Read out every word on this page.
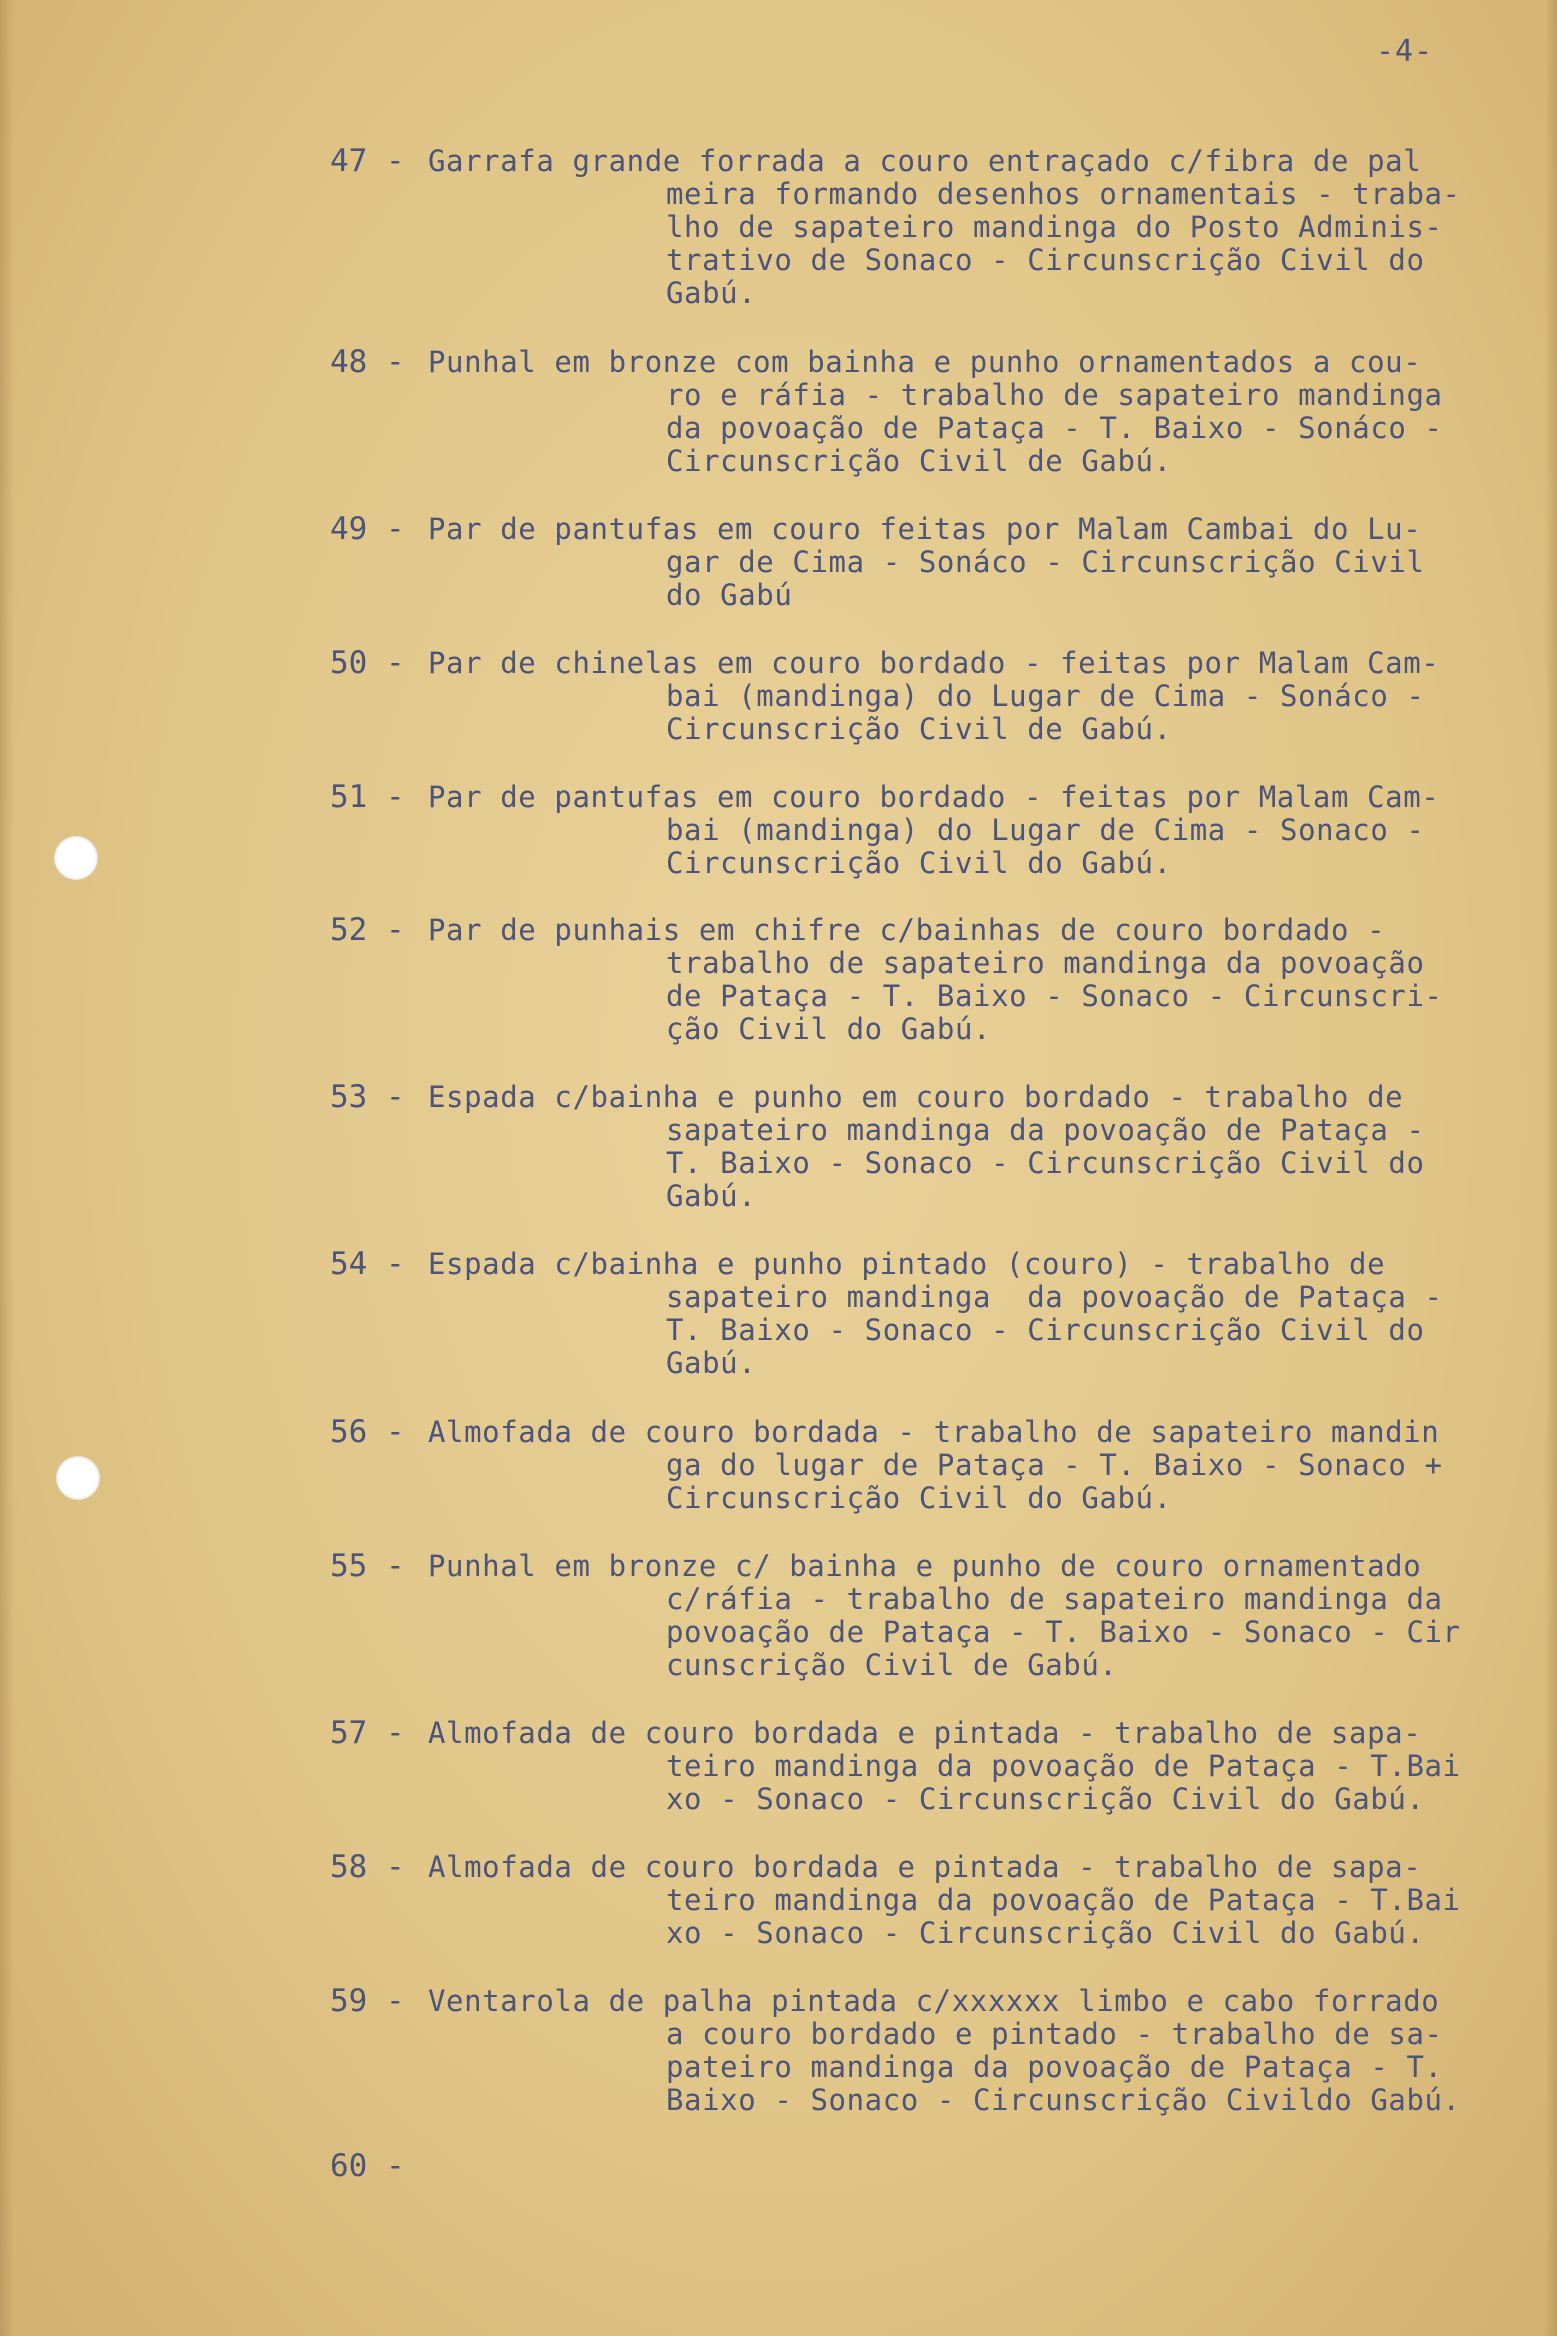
-4-
47 - Garrafa grande forrada a couro entraçado c/fibra de pal
meira formando desenhos ornamentais - traba-
lho de sapateiro mandinga do Posto Adminis-
trativo de Sonaco - Circunscrição Civil do
Gabú.
48 - Punhal em bronze com bainha e punho ornamentados a cou-
ro e ráfia - trabalho de sapateiro mandinga
da povoação de Pataça - T. Baixo - Sonáco -
Circunscrição Civil de Gabú.
49 - Par de pantufas em couro feitas por Malam Cambai do Lu-
gar de Cima - Sonáco - Circunscrição Civil
do Gabú
50 - Par de chinelas em couro bordado - feitas por Malam Cam-
bai (mandinga) do Lugar de Cima - Sonáco -
Circunscrição Civil de Gabú.
51 - Par de pantufas em couro bordado - feitas por Malam Cam-
bai (mandinga) do Lugar de Cima - Sonaco -
Circunscrição Civil do Gabú.
52 - Par de punhais em chifre c/bainhas de couro bordado -
trabalho de sapateiro mandinga da povoação
de Pataça - T. Baixo - Sonaco - Circunscri-
ção Civil do Gabú.
53 - Espada c/bainha e punho em couro bordado - trabalho de
sapateiro mandinga da povoação de Pataça -
T. Baixo - Sonaco - Circunscrição Civil do
Gabú.
54 - Espada c/bainha e punho pintado (couro) - trabalho de
sapateiro mandinga  da povoação de Pataça -
T. Baixo - Sonaco - Circunscrição Civil do
Gabú.
56 - Almofada de couro bordada - trabalho de sapateiro mandin
ga do lugar de Pataça - T. Baixo - Sonaco +
Circunscrição Civil do Gabú.
55 - Punhal em bronze c/ bainha e punho de couro ornamentado
c/ráfia - trabalho de sapateiro mandinga da
povoação de Pataça - T. Baixo - Sonaco - Cir
cunscrição Civil de Gabú.
57 - Almofada de couro bordada e pintada - trabalho de sapa-
teiro mandinga da povoação de Pataça - T.Bai
xo - Sonaco - Circunscrição Civil do Gabú.
58 - Almofada de couro bordada e pintada - trabalho de sapa-
teiro mandinga da povoação de Pataça - T.Bai
xo - Sonaco - Circunscrição Civil do Gabú.
59 - Ventarola de palha pintada c/xxxxxx limbo e cabo forrado
a couro bordado e pintado - trabalho de sa-
pateiro mandinga da povoação de Pataça - T.
Baixo - Sonaco - Circunscrição Civildo Gabú.
60 -
